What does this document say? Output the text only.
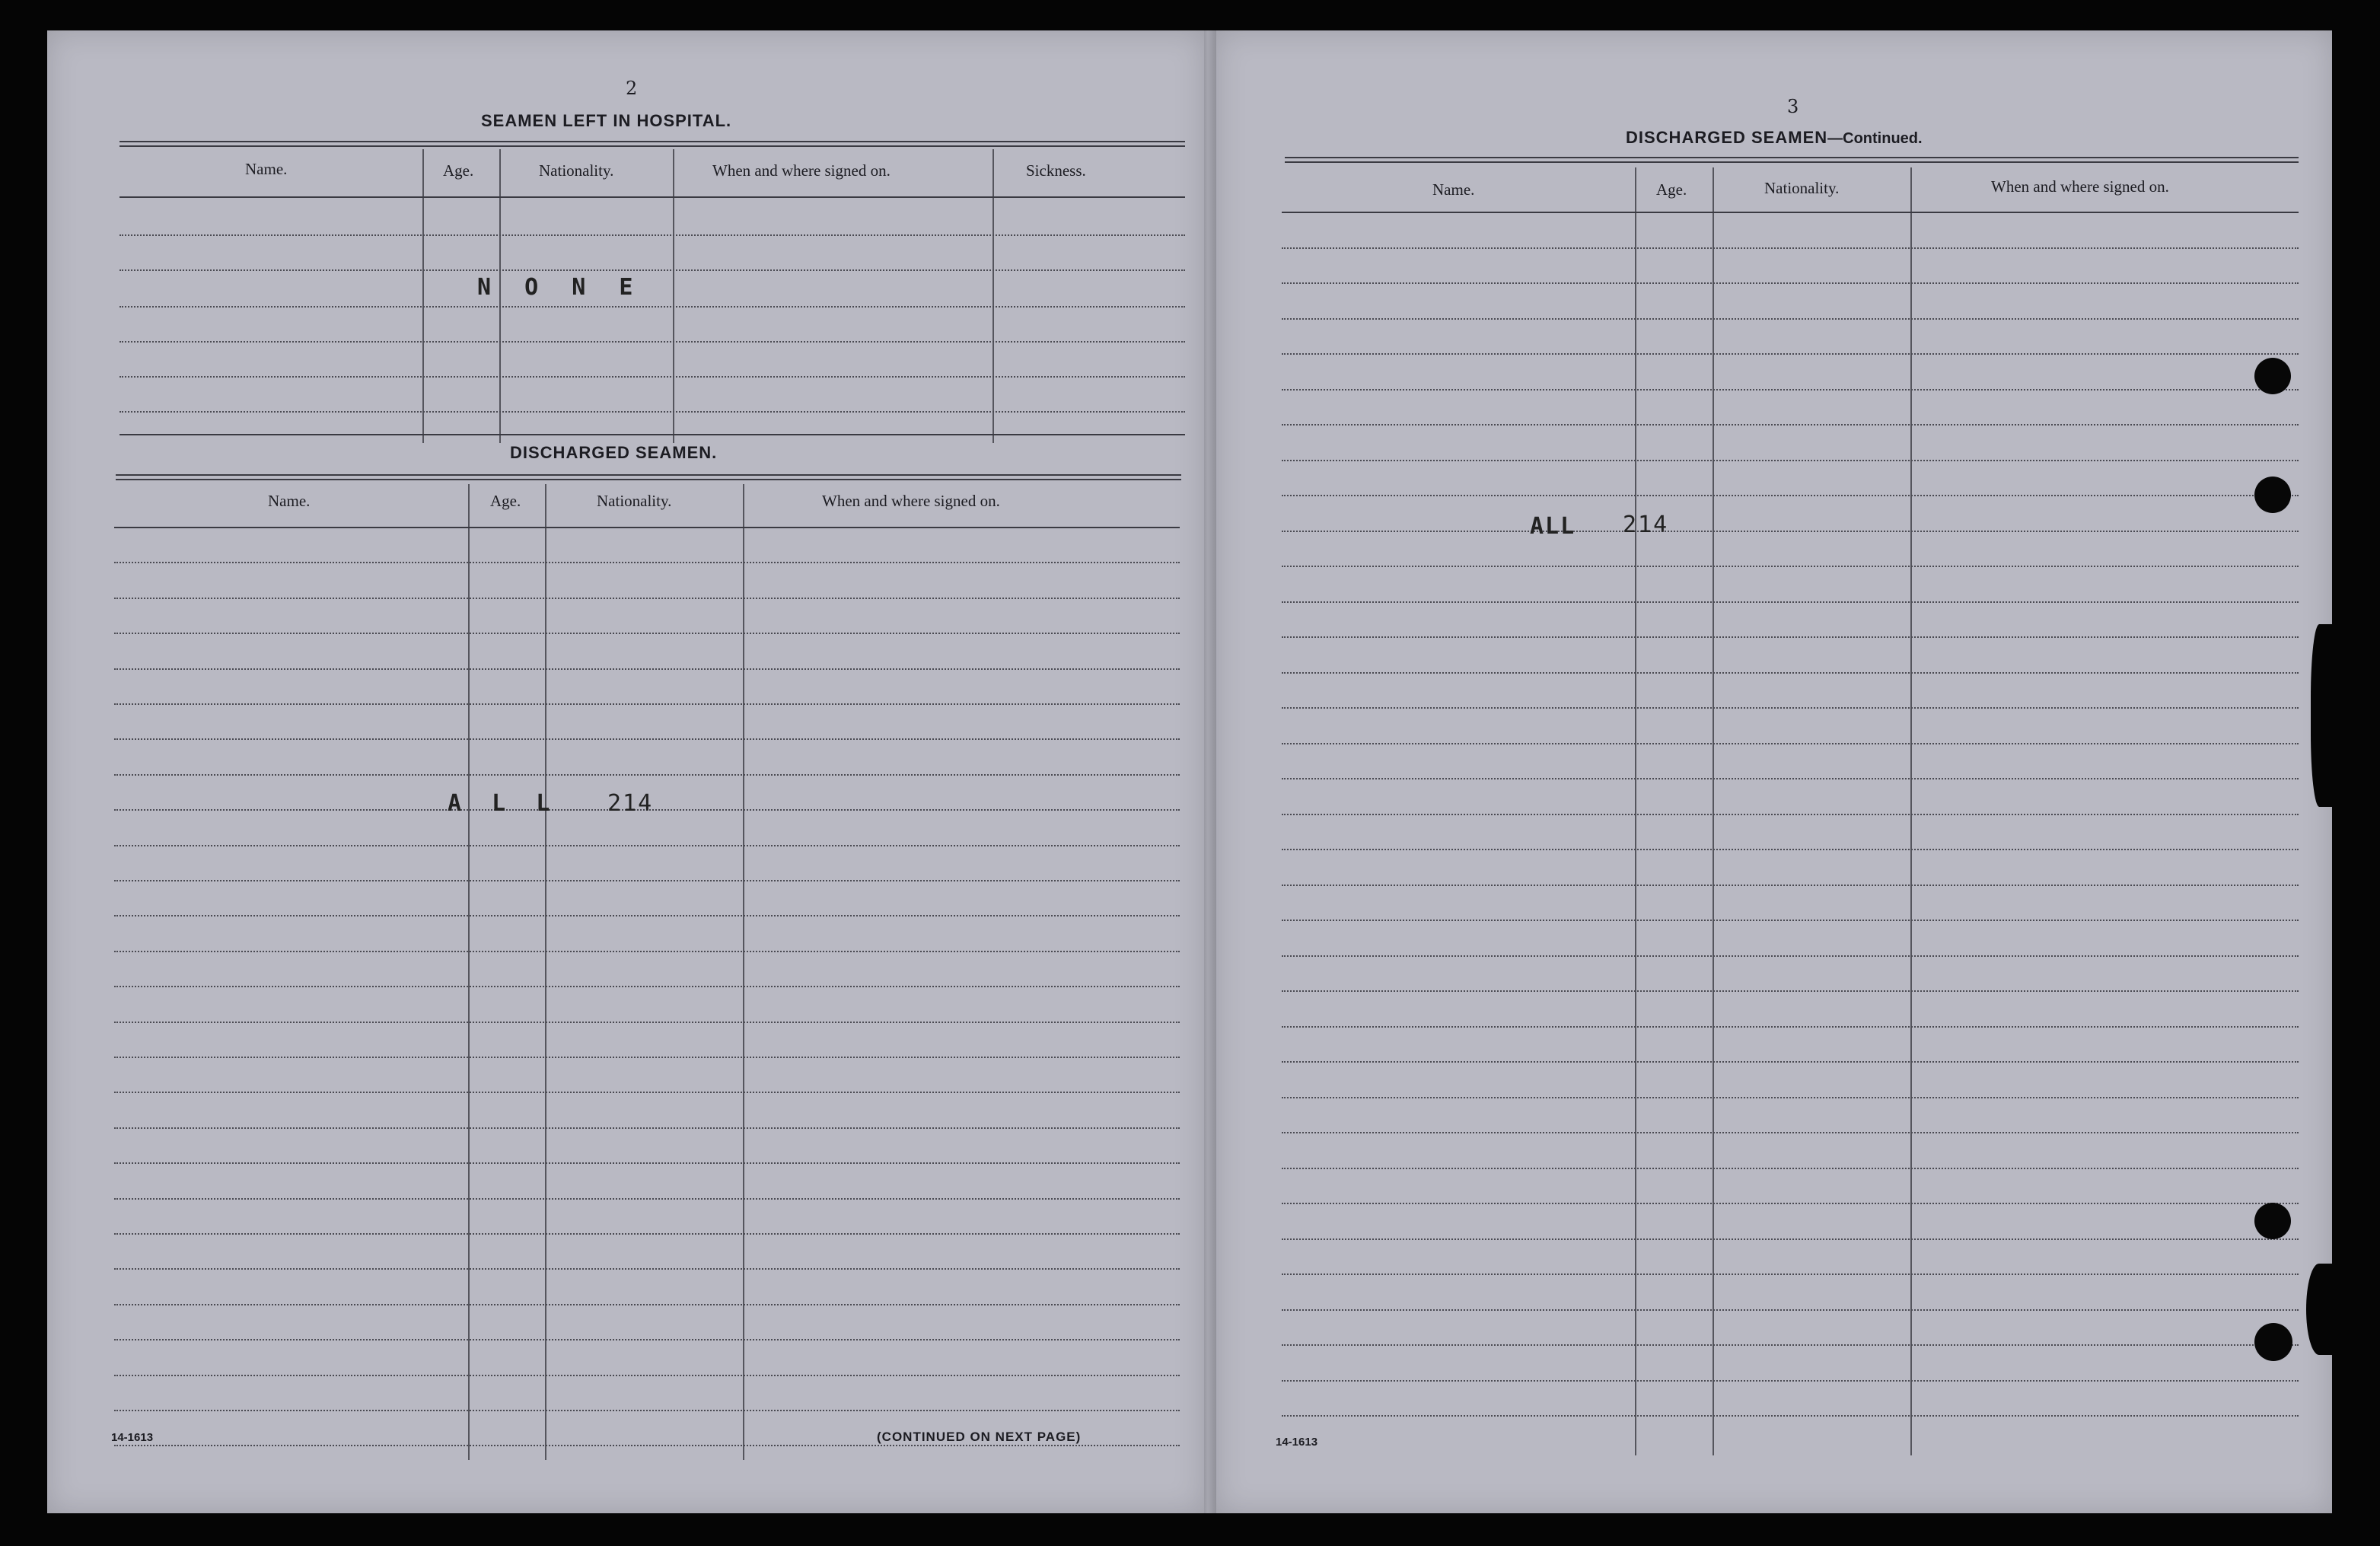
2
SEAMEN LEFT IN HOSPITAL.
Name.	Age.	Nationality.	When and where signed on.	Sickness.
N O N E
DISCHARGED SEAMEN.
Name.	Age.	Nationality.	When and where signed on.
A L L 214
14-1613	(CONTINUED ON NEXT PAGE)
3
DISCHARGED SEAMEN—Continued.
Name.	Age.	Nationality.	When and where signed on.
ALL 214
14-1613
